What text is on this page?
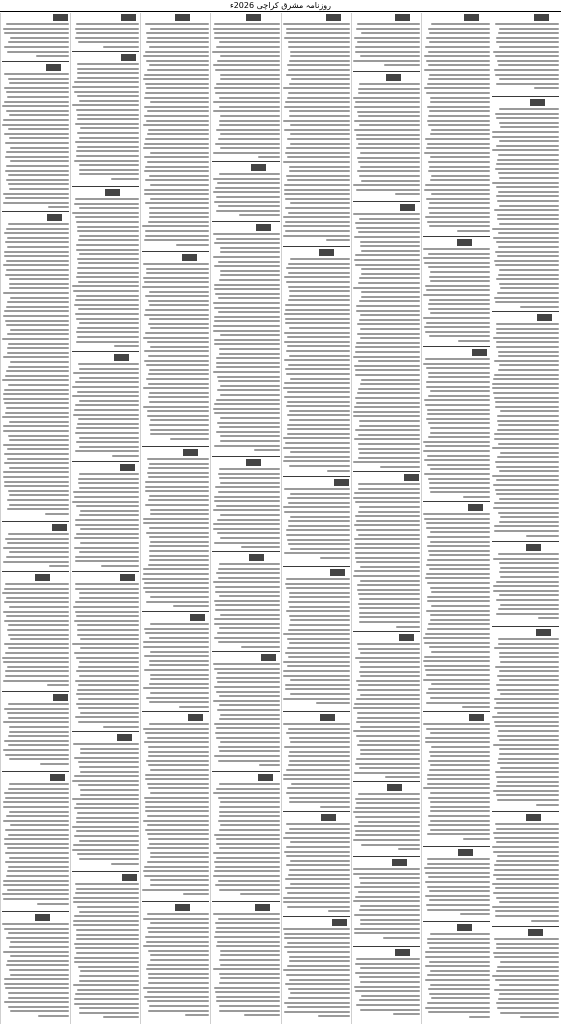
روزنامہ مشرق کراچی 2026ء
